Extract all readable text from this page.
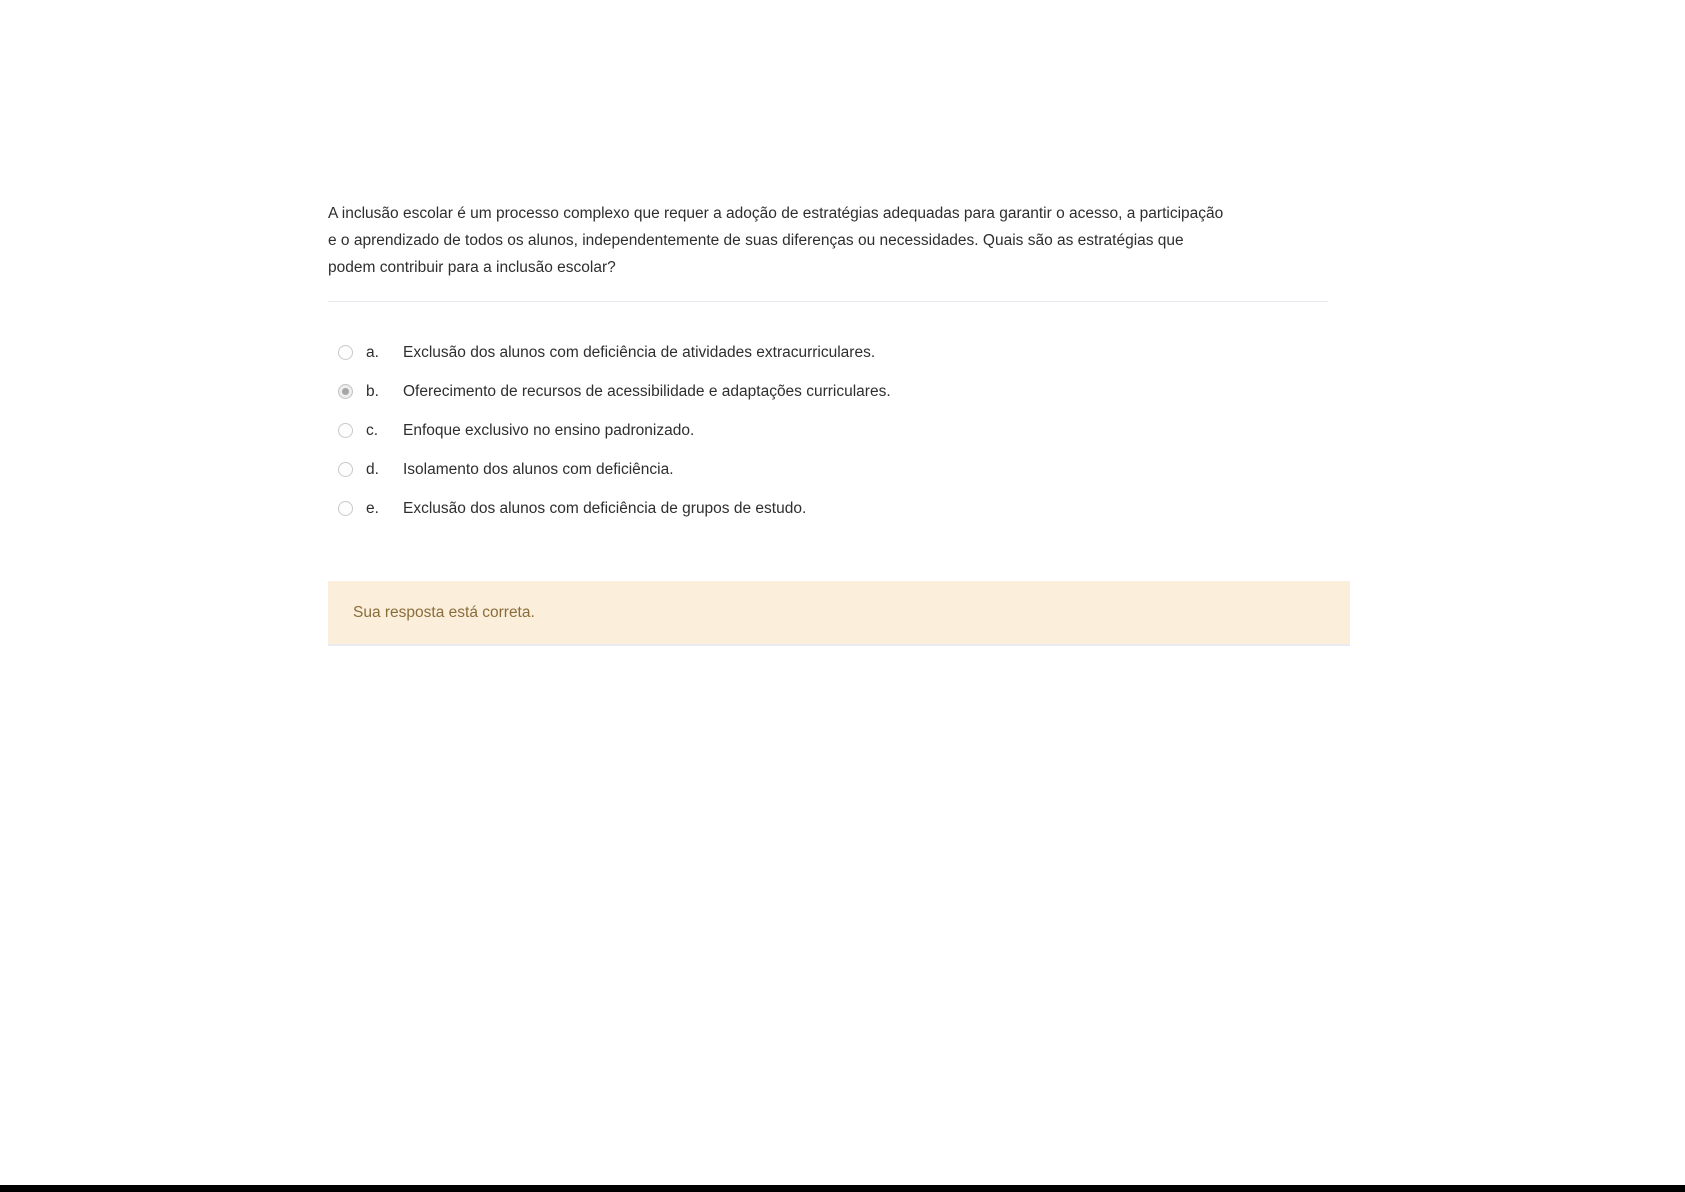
A inclusão escolar é um processo complexo que requer a adoção de estratégias adequadas para garantir o acesso, a participação e o aprendizado de todos os alunos, independentemente de suas diferenças ou necessidades. Quais são as estratégias que podem contribuir para a inclusão escolar?
a.	Exclusão dos alunos com deficiência de atividades extracurriculares.
b.	Oferecimento de recursos de acessibilidade e adaptações curriculares.
c.	Enfoque exclusivo no ensino padronizado.
d.	Isolamento dos alunos com deficiência.
e.	Exclusão dos alunos com deficiência de grupos de estudo.
Sua resposta está correta.
